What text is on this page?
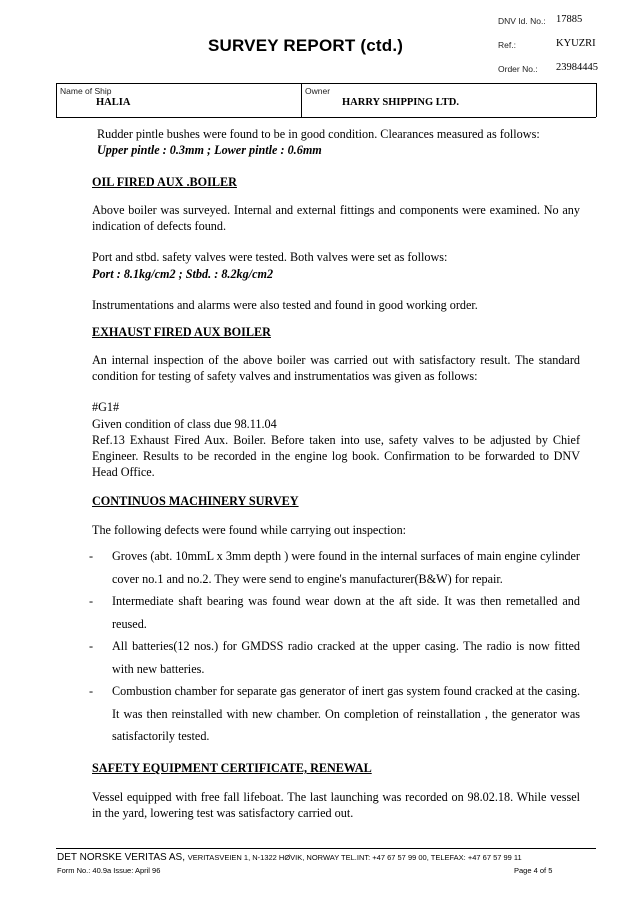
SURVEY REPORT (ctd.)
DNV Id. No.: 17885
Ref.:	KYUZRI
Order No.: 23984445
Name of Ship
HALIA
Owner
HARRY SHIPPING LTD.

Rudder pintle bushes were found to be in good condition. Clearances measured as follows:

Upper pintle : 0.3mm ; Lower pintle : 0.6mm

OIL FIRED AUX .BOILER

Above boiler was surveyed. Internal and external fittings and components were examined. No any indication of defects found.

Port and stbd. safety valves were tested. Both valves were set as follows:

Port : 8.1kg/cm2 ; Stbd. : 8.2kg/cm2

Instrumentations and alarms were also tested and found in good working order.

EXHAUST FIRED AUX BOILER

An internal inspection of the above boiler was carried out with satisfactory result. The standard condition for testing of safety valves and instrumentatios was given as follows:

#G1#

Given condition of class due 98.11.04

Ref.13 Exhaust Fired Aux. Boiler. Before taken into use, safety valves to be adjusted by Chief Engineer. Results to be recorded in the engine log book. Confirmation to be forwarded to DNV Head Office.

CONTINUOS MACHINERY SURVEY

The following defects were found while carrying out inspection:

-	Groves (abt. 10mmL x 3mm depth ) were found in the internal surfaces of main engine cylinder cover no.1 and no.2. They were send to engine's manufacturer(B&W) for repair.
-	Intermediate shaft bearing was found wear down at the aft side. It was then remetalled and reused.
-	All batteries(12 nos.) for GMDSS radio cracked at the upper casing. The radio is now fitted with new batteries.
-	Combustion chamber for separate gas generator of inert gas system found cracked at the casing. It was then reinstalled with new chamber. On completion of reinstallation , the generator was satisfactorily tested.

SAFETY EQUIPMENT CERTIFICATE, RENEWAL

Vessel equipped with free fall lifeboat. The last launching was recorded on 98.02.18. While vessel in the yard, lowering test was satisfactory carried out.

DET NORSKE VERITAS AS, VERITASVEIEN 1, N-1322 HØVIK, NORWAY TEL.INT: +47 67 57 99 00, TELEFAX: +47 67 57 99 11
Form No.: 40.9a Issue: April 96	Page 4 of 5
